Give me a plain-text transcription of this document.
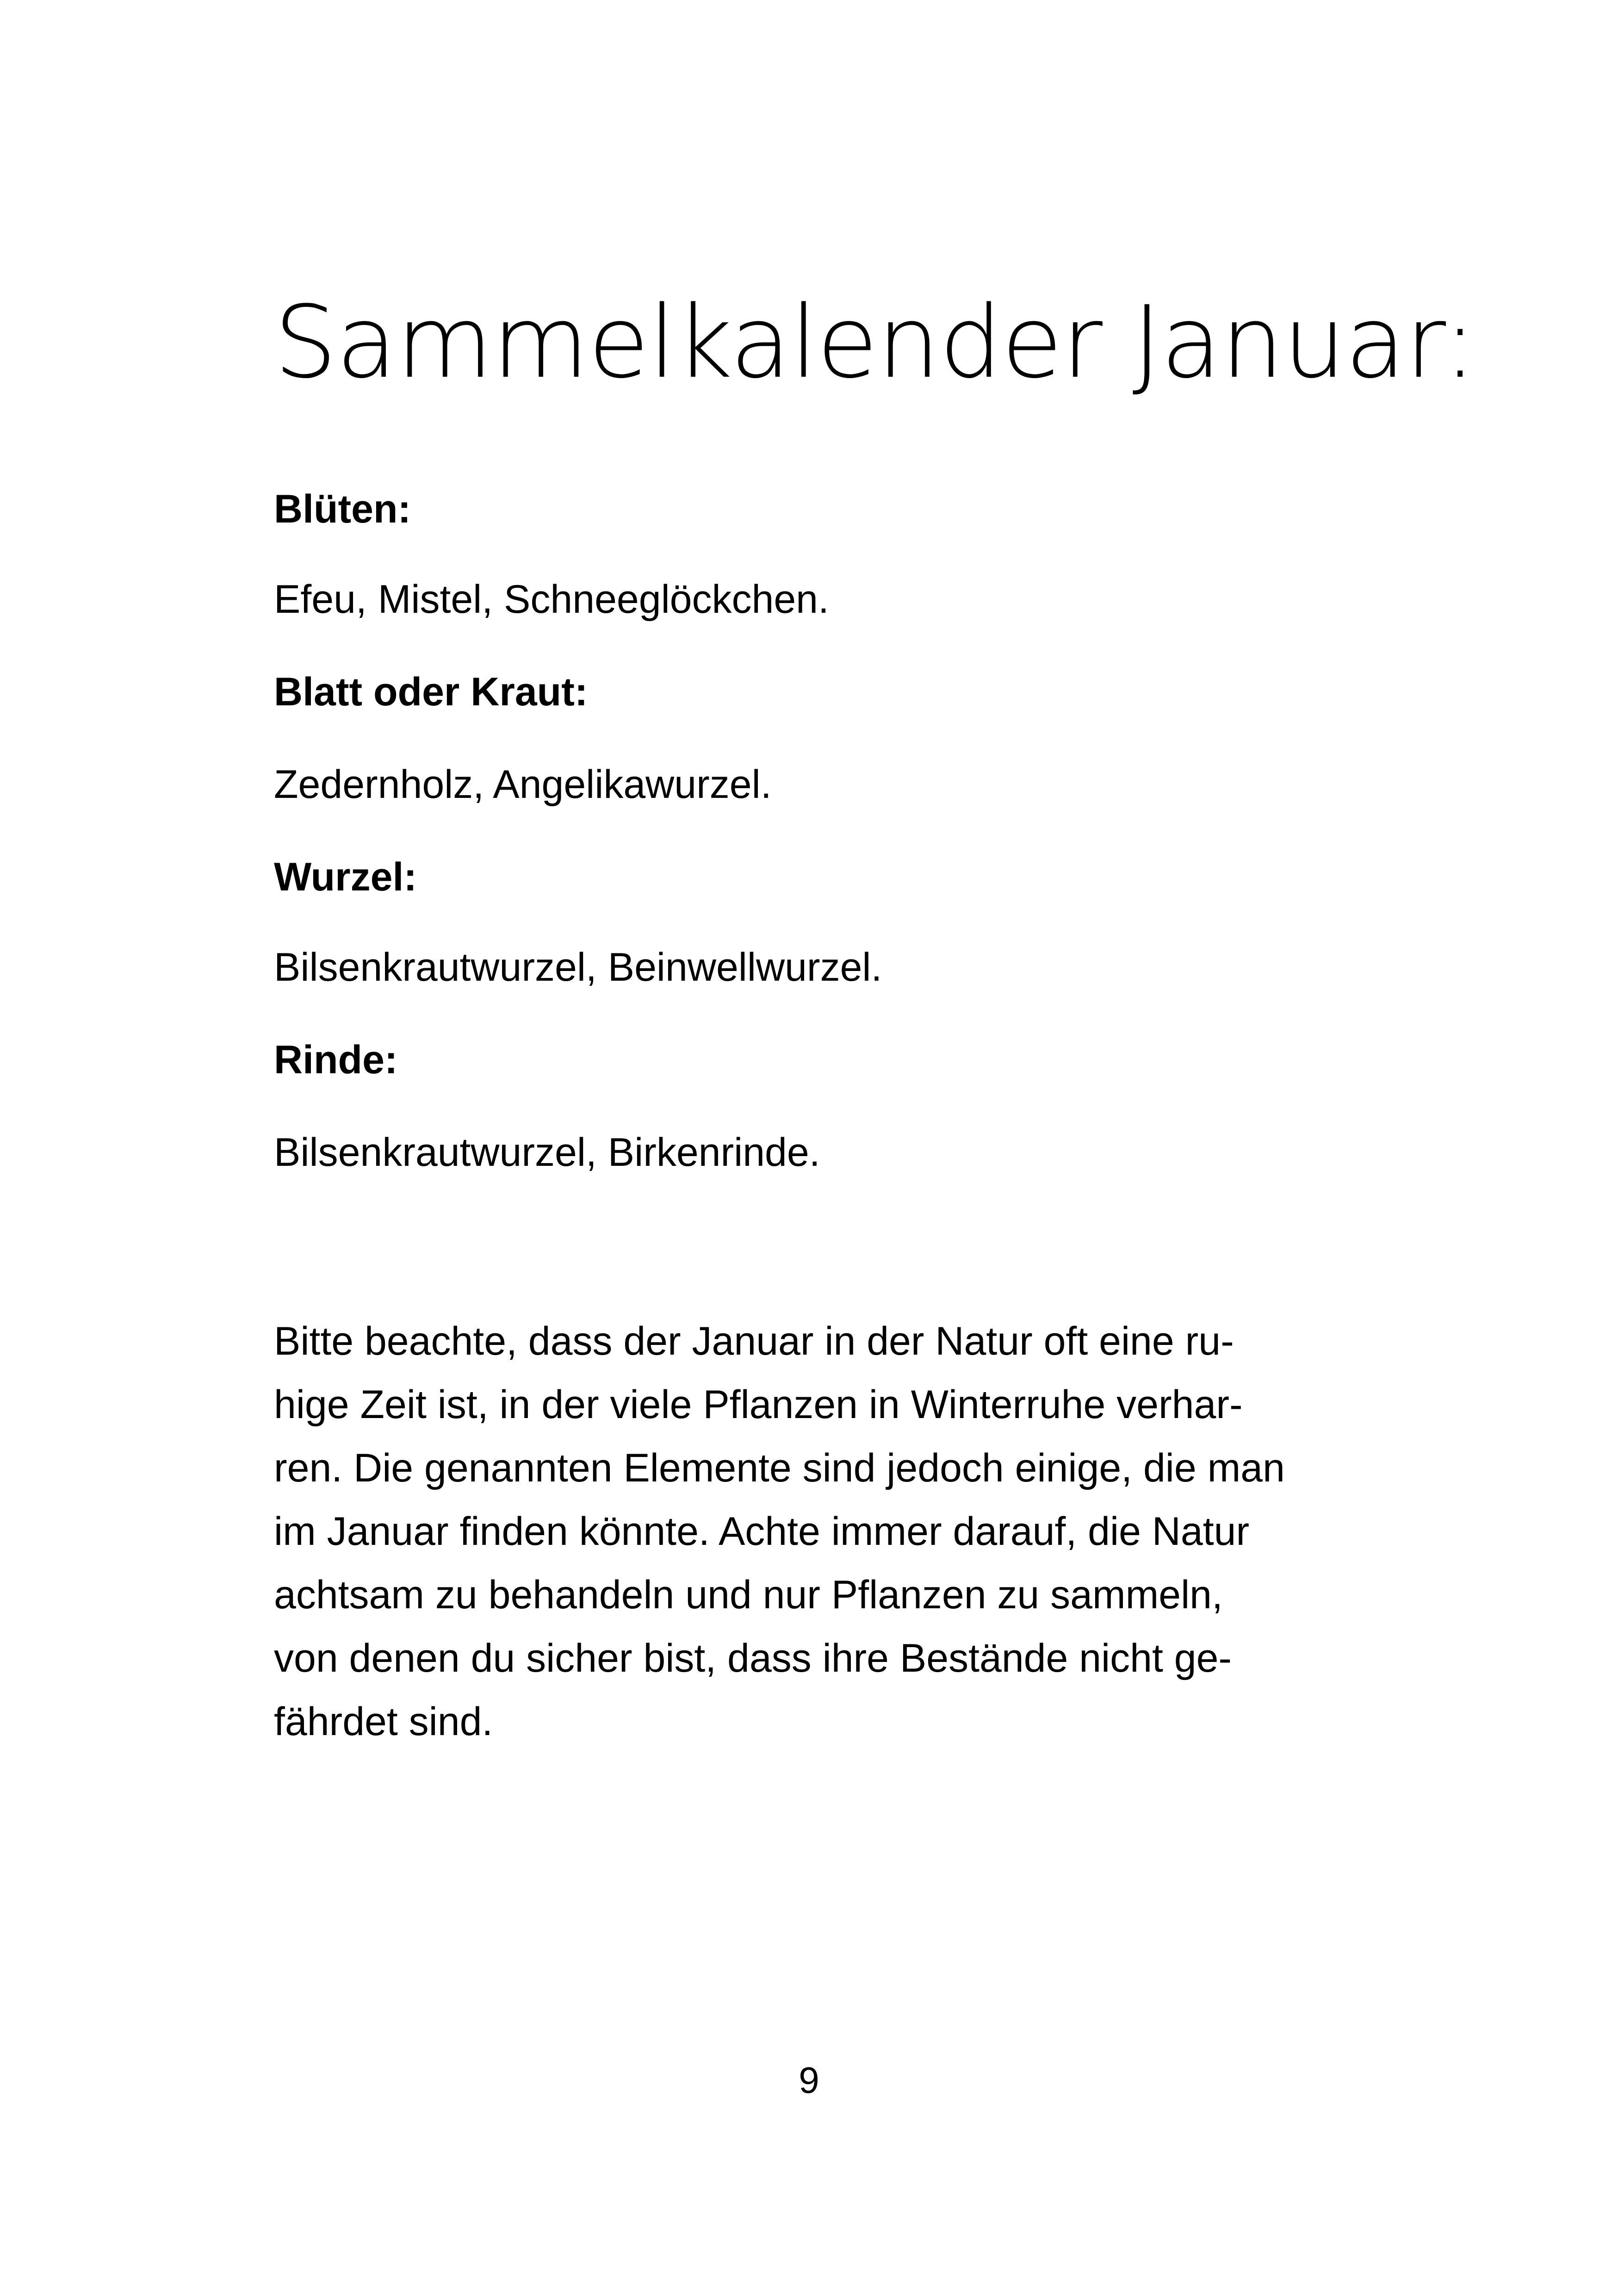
Sammelkalender Januar:

Blüten:

Efeu, Mistel, Schneeglöckchen.

Blatt oder Kraut:

Zedernholz, Angelikawurzel.

Wurzel:

Bilsenkrautwurzel, Beinwellwurzel.

Rinde:

Bilsenkrautwurzel, Birkenrinde.

Bitte beachte, dass der Januar in der Natur oft eine ru-
hige Zeit ist, in der viele Pflanzen in Winterruhe verhar-
ren. Die genannten Elemente sind jedoch einige, die man
im Januar finden könnte. Achte immer darauf, die Natur
achtsam zu behandeln und nur Pflanzen zu sammeln,
von denen du sicher bist, dass ihre Bestände nicht ge-
fährdet sind.

9
